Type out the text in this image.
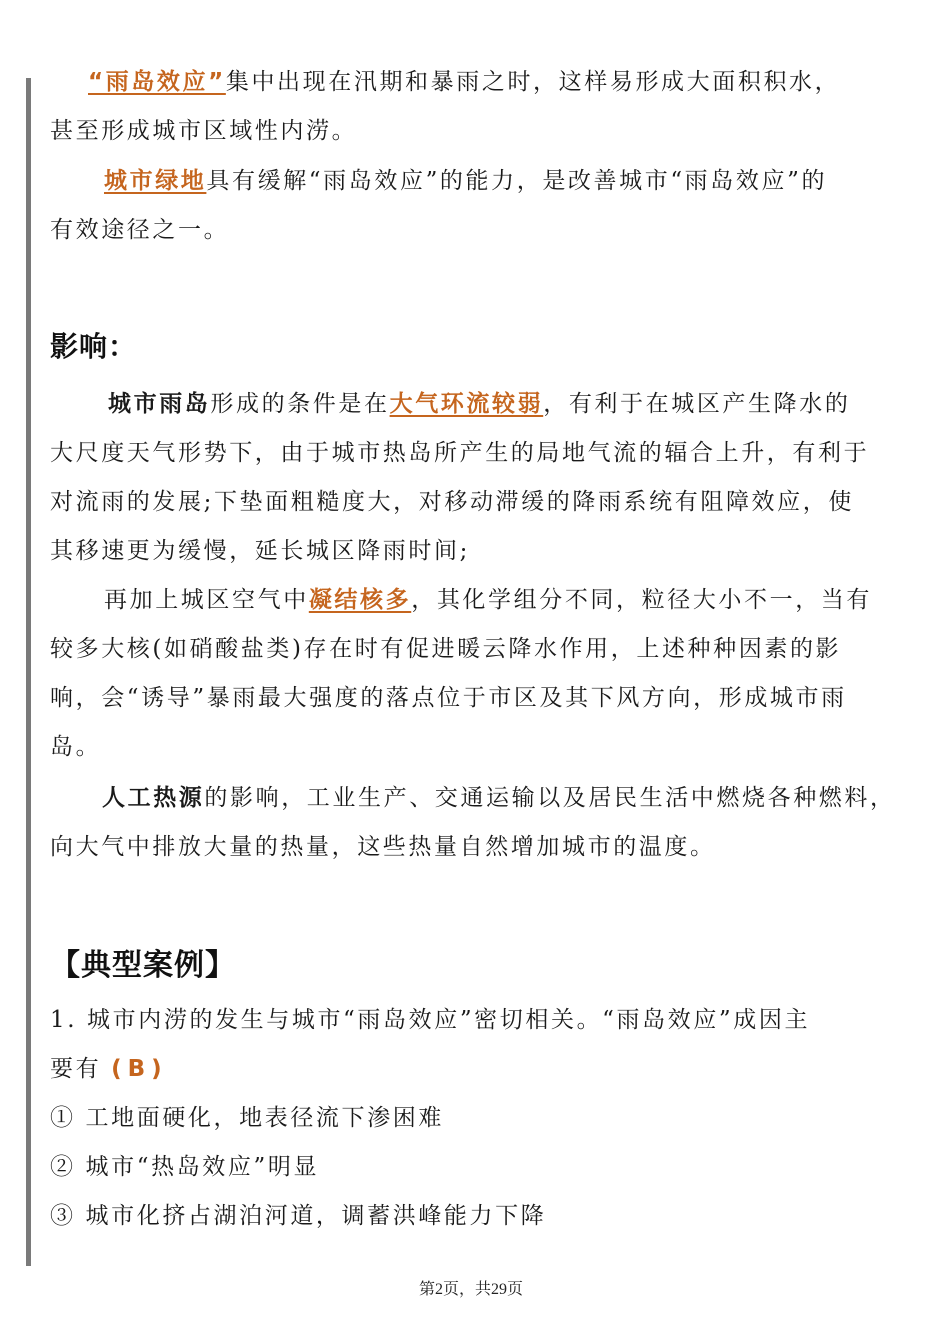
“雨岛效应”集中出现在汛期和暴雨之时，这样易形成大面积积水，
甚至形成城市区域性内涝。
城市绿地具有缓解“雨岛效应”的能力，是改善城市“雨岛效应”的
有效途径之一。
影响：
城市雨岛形成的条件是在大气环流较弱，有利于在城区产生降水的
大尺度天气形势下，由于城市热岛所产生的局地气流的辐合上升，有利于
对流雨的发展;下垫面粗糙度大，对移动滞缓的降雨系统有阻障效应，使
其移速更为缓慢，延长城区降雨时间;
再加上城区空气中凝结核多，其化学组分不同，粒径大小不一，当有
较多大核(如硝酸盐类)存在时有促进暖云降水作用，上述种种因素的影
响，会“诱导”暴雨最大强度的落点位于市区及其下风方向，形成城市雨
岛。
人工热源的影响，工业生产、交通运输以及居民生活中燃烧各种燃料，
向大气中排放大量的热量，这些热量自然增加城市的温度。
【典型案例】
1. 城市内涝的发生与城市“雨岛效应”密切相关。“雨岛效应”成因主
要有 (B)
① 工地面硬化，地表径流下渗困难
② 城市“热岛效应”明显
③ 城市化挤占湖泊河道，调蓄洪峰能力下降
第2页，共29页
